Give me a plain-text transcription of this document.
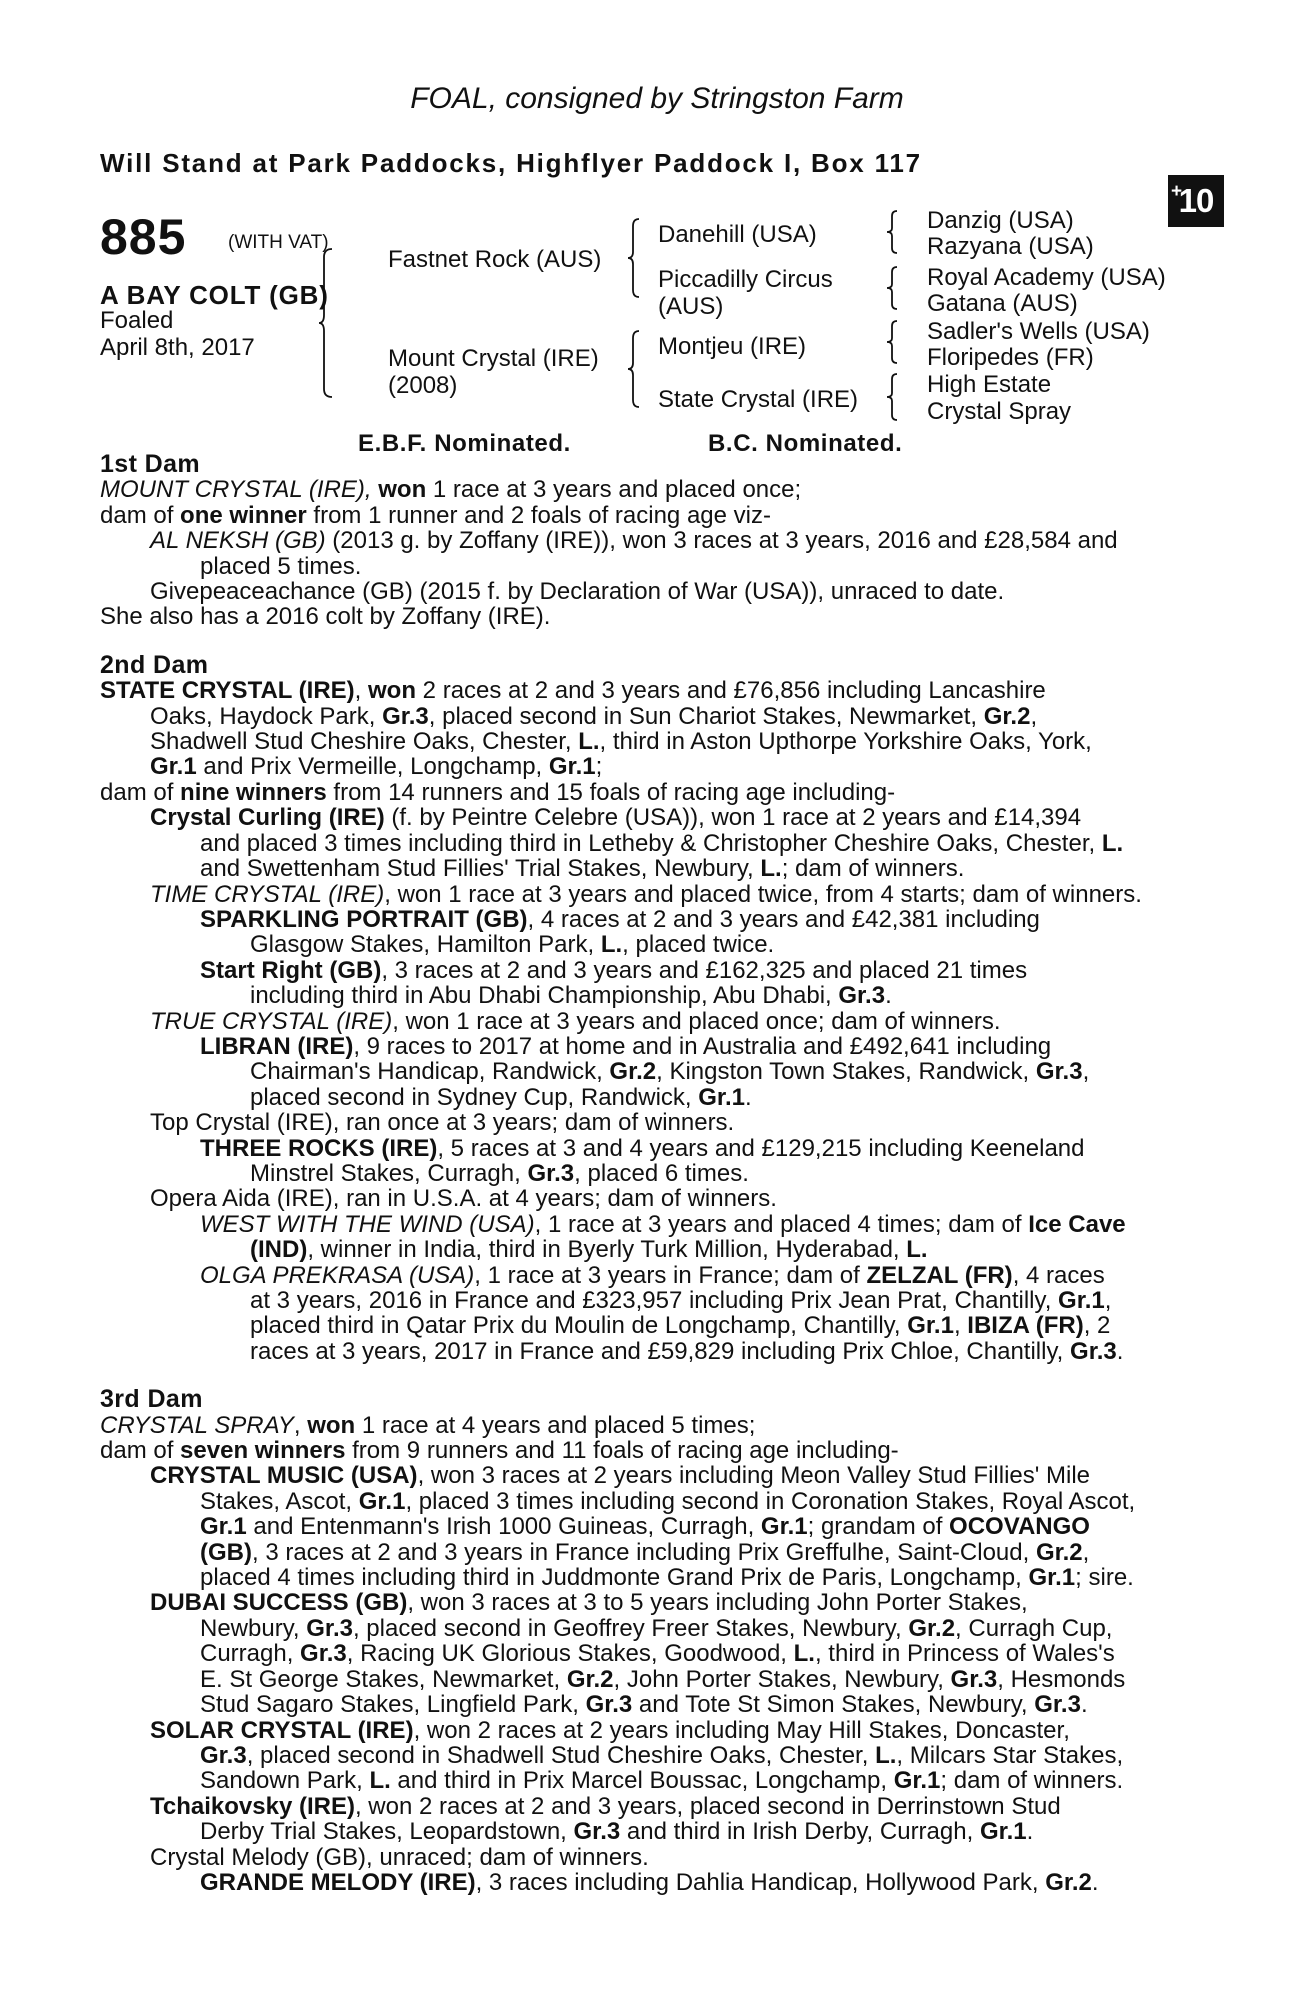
FOAL, consigned by Stringston Farm
Will Stand at Park Paddocks, Highflyer Paddock I, Box 117
+
10
885 (WITH VAT)
A BAY COLT (GB)
Foaled
April 8th, 2017
Fastnet Rock (AUS)
Mount Crystal (IRE)
(2008)
Danehill (USA)
Piccadilly Circus
(AUS)
Montjeu (IRE)
State Crystal (IRE)
Danzig (USA)
Razyana (USA)
Royal Academy (USA)
Gatana (AUS)
Sadler's Wells (USA)
Floripedes (FR)
High Estate
Crystal Spray
E.B.F. Nominated.	B.C. Nominated.
1st Dam
MOUNT CRYSTAL (IRE), won 1 race at 3 years and placed once;
dam of one winner from 1 runner and 2 foals of racing age viz-
AL NEKSH (GB) (2013 g. by Zoffany (IRE)), won 3 races at 3 years, 2016 and £28,584 and
placed 5 times.
Givepeaceachance (GB) (2015 f. by Declaration of War (USA)), unraced to date.
She also has a 2016 colt by Zoffany (IRE).
2nd Dam
STATE CRYSTAL (IRE), won 2 races at 2 and 3 years and £76,856 including Lancashire
Oaks, Haydock Park, Gr.3, placed second in Sun Chariot Stakes, Newmarket, Gr.2,
Shadwell Stud Cheshire Oaks, Chester, L., third in Aston Upthorpe Yorkshire Oaks, York,
Gr.1 and Prix Vermeille, Longchamp, Gr.1;
dam of nine winners from 14 runners and 15 foals of racing age including-
Crystal Curling (IRE) (f. by Peintre Celebre (USA)), won 1 race at 2 years and £14,394
and placed 3 times including third in Letheby & Christopher Cheshire Oaks, Chester, L.
and Swettenham Stud Fillies' Trial Stakes, Newbury, L.; dam of winners.
TIME CRYSTAL (IRE), won 1 race at 3 years and placed twice, from 4 starts; dam of winners.
SPARKLING PORTRAIT (GB), 4 races at 2 and 3 years and £42,381 including
Glasgow Stakes, Hamilton Park, L., placed twice.
Start Right (GB), 3 races at 2 and 3 years and £162,325 and placed 21 times
including third in Abu Dhabi Championship, Abu Dhabi, Gr.3.
TRUE CRYSTAL (IRE), won 1 race at 3 years and placed once; dam of winners.
LIBRAN (IRE), 9 races to 2017 at home and in Australia and £492,641 including
Chairman's Handicap, Randwick, Gr.2, Kingston Town Stakes, Randwick, Gr.3,
placed second in Sydney Cup, Randwick, Gr.1.
Top Crystal (IRE), ran once at 3 years; dam of winners.
THREE ROCKS (IRE), 5 races at 3 and 4 years and £129,215 including Keeneland
Minstrel Stakes, Curragh, Gr.3, placed 6 times.
Opera Aida (IRE), ran in U.S.A. at 4 years; dam of winners.
WEST WITH THE WIND (USA), 1 race at 3 years and placed 4 times; dam of Ice Cave
(IND), winner in India, third in Byerly Turk Million, Hyderabad, L.
OLGA PREKRASA (USA), 1 race at 3 years in France; dam of ZELZAL (FR), 4 races
at 3 years, 2016 in France and £323,957 including Prix Jean Prat, Chantilly, Gr.1,
placed third in Qatar Prix du Moulin de Longchamp, Chantilly, Gr.1, IBIZA (FR), 2
races at 3 years, 2017 in France and £59,829 including Prix Chloe, Chantilly, Gr.3.
3rd Dam
CRYSTAL SPRAY, won 1 race at 4 years and placed 5 times;
dam of seven winners from 9 runners and 11 foals of racing age including-
CRYSTAL MUSIC (USA), won 3 races at 2 years including Meon Valley Stud Fillies' Mile
Stakes, Ascot, Gr.1, placed 3 times including second in Coronation Stakes, Royal Ascot,
Gr.1 and Entenmann's Irish 1000 Guineas, Curragh, Gr.1; grandam of OCOVANGO
(GB), 3 races at 2 and 3 years in France including Prix Greffulhe, Saint-Cloud, Gr.2,
placed 4 times including third in Juddmonte Grand Prix de Paris, Longchamp, Gr.1; sire.
DUBAI SUCCESS (GB), won 3 races at 3 to 5 years including John Porter Stakes,
Newbury, Gr.3, placed second in Geoffrey Freer Stakes, Newbury, Gr.2, Curragh Cup,
Curragh, Gr.3, Racing UK Glorious Stakes, Goodwood, L., third in Princess of Wales's
E. St George Stakes, Newmarket, Gr.2, John Porter Stakes, Newbury, Gr.3, Hesmonds
Stud Sagaro Stakes, Lingfield Park, Gr.3 and Tote St Simon Stakes, Newbury, Gr.3.
SOLAR CRYSTAL (IRE), won 2 races at 2 years including May Hill Stakes, Doncaster,
Gr.3, placed second in Shadwell Stud Cheshire Oaks, Chester, L., Milcars Star Stakes,
Sandown Park, L. and third in Prix Marcel Boussac, Longchamp, Gr.1; dam of winners.
Tchaikovsky (IRE), won 2 races at 2 and 3 years, placed second in Derrinstown Stud
Derby Trial Stakes, Leopardstown, Gr.3 and third in Irish Derby, Curragh, Gr.1.
Crystal Melody (GB), unraced; dam of winners.
GRANDE MELODY (IRE), 3 races including Dahlia Handicap, Hollywood Park, Gr.2.
